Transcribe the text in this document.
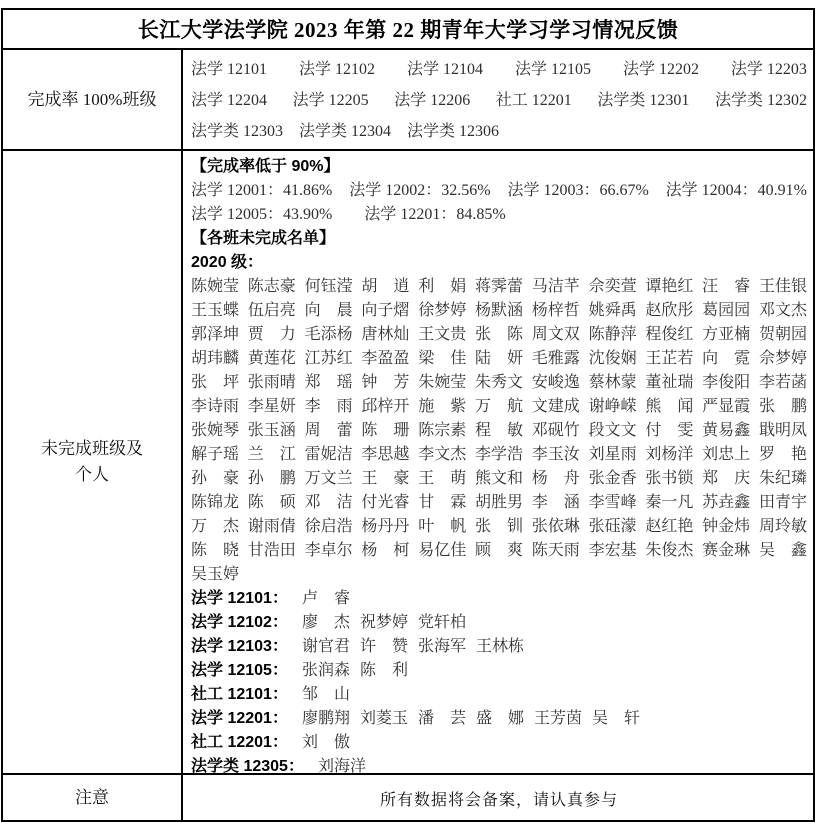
长江大学法学院 2023 年第 22 期青年大学习学习情况反馈
完成率 100%班级
法学 12101 法学 12102 法学 12104 法学 12105 法学 12202 法学 12203
法学 12204 法学 12205 法学 12206 社工 12201 法学类 12301 法学类 12302
法学类 12303 法学类 12304 法学类 12306
未完成班级及
个人
【完成率低于 90%】
法学 12001：41.86% 法学 12002：32.56% 法学 12003：66.67% 法学 12004：40.91%
法学 12005：43.90% 法学 12201：84.85%
【各班未完成名单】
2020 级：
陈婉莹 陈志豪 何钰滢 胡　逍 利　娟 蒋霁蕾 马洁芊 佘奕萱 谭艳红 汪　睿 王佳银
王玉蝶 伍启亮 向　晨 向子熠 徐梦婷 杨默涵 杨梓哲 姚舜禹 赵欣彤 葛园园 邓文杰
郭泽坤 贾　力 毛添杨 唐林灿 王文贵 张　陈 周文双 陈静萍 程俊红 方亚楠 贺朝园
胡玮麟 黄莲花 江苏红 李盈盈 梁　佳 陆　妍 毛雅露 沈俊娴 王芷若 向　霓 佘梦婷
张　坪 张雨晴 郑　瑶 钟　芳 朱婉莹 朱秀文 安峻逸 蔡林蒙 董祉瑞 李俊阳 李若菡
李诗雨 李星妍 李　雨 邱梓开 施　紫 万　航 文建成 谢峥嵘 熊　闻 严显霞 张　鹏
张婉琴 张玉涵 周　蕾 陈　珊 陈宗素 程　敏 邓砚竹 段文文 付　雯 黄易鑫 戢明凤
解子瑶 兰　江 雷妮洁 李思越 李文杰 李学浩 李玉汝 刘星雨 刘杨洋 刘忠上 罗　艳
孙　豪 孙　鹏 万文兰 王　豪 王　萌 熊文和 杨　舟 张金香 张书锁 郑　庆 朱纪璘
陈锦龙 陈　硕 邓　洁 付光睿 甘　霖 胡胜男 李　涵 李雪峰 秦一凡 苏垚鑫 田青宇
万　杰 谢雨倩 徐启浩 杨丹丹 叶　帆 张　钏 张依琳 张砡濛 赵红艳 钟金炜 周玲敏
陈　晓 甘浩田 李卓尔 杨　柯 易亿佳 顾　爽 陈天雨 李宏基 朱俊杰 赛金琳 吴　鑫
吴玉婷
法学 12101： 卢　睿
法学 12102： 廖　杰 祝梦婷 党轩柏
法学 12103： 谢官君 许　赞 张海军 王林栋
法学 12105： 张润森 陈　利
社工 12101： 邹　山
法学 12201： 廖鹏翔 刘菱玉 潘　芸 盛　娜 王芳茵 吴　轩
社工 12201： 刘　傲
法学类 12305： 刘海洋
注意	所有数据将会备案，请认真参与
